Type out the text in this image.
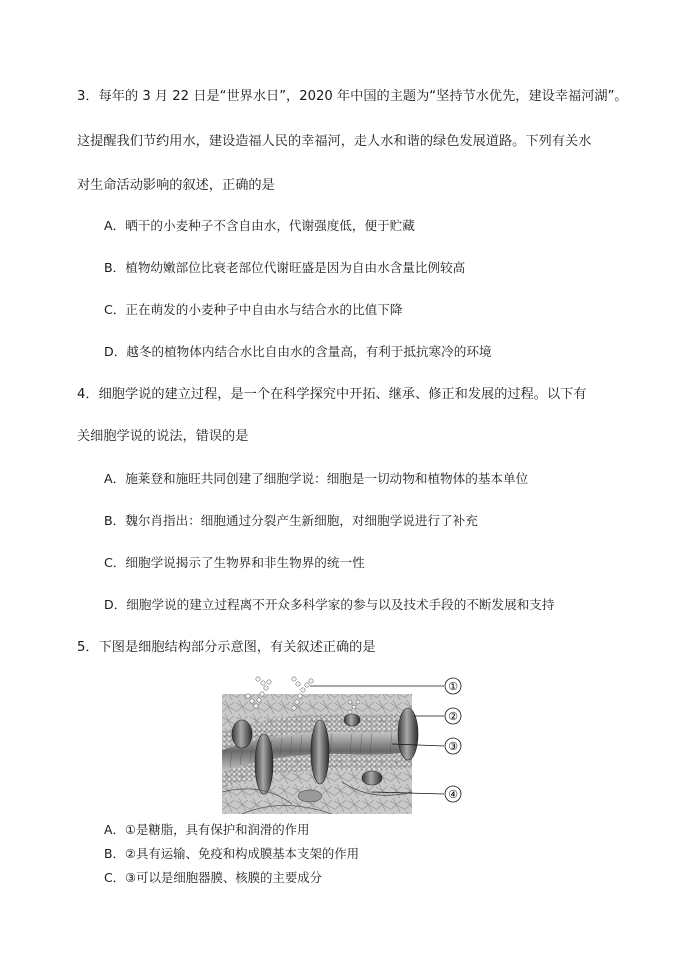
3．每年的 3 月 22 日是“世界水日”，2020 年中国的主题为“坚持节水优先，建设幸福河湖”。
这提醒我们节约用水，建设造福人民的幸福河，走人水和谐的绿色发展道路。下列有关水
对生命活动影响的叙述，正确的是
A．晒干的小麦种子不含自由水，代谢强度低，便于贮藏
B．植物幼嫩部位比衰老部位代谢旺盛是因为自由水含量比例较高
C．正在萌发的小麦种子中自由水与结合水的比值下降
D．越冬的植物体内结合水比自由水的含量高，有利于抵抗寒冷的环境
4．细胞学说的建立过程，是一个在科学探究中开拓、继承、修正和发展的过程。以下有
关细胞学说的说法，错误的是
A．施莱登和施旺共同创建了细胞学说：细胞是一切动物和植物体的基本单位
B．魏尔肖指出：细胞通过分裂产生新细胞，对细胞学说进行了补充
C．细胞学说揭示了生物界和非生物界的统一性
D．细胞学说的建立过程离不开众多科学家的参与以及技术手段的不断发展和支持
5．下图是细胞结构部分示意图，有关叙述正确的是
①
②
③
④
A．①是糖脂，具有保护和润滑的作用
B．②具有运输、免疫和构成膜基本支架的作用
C．③可以是细胞器膜、核膜的主要成分
